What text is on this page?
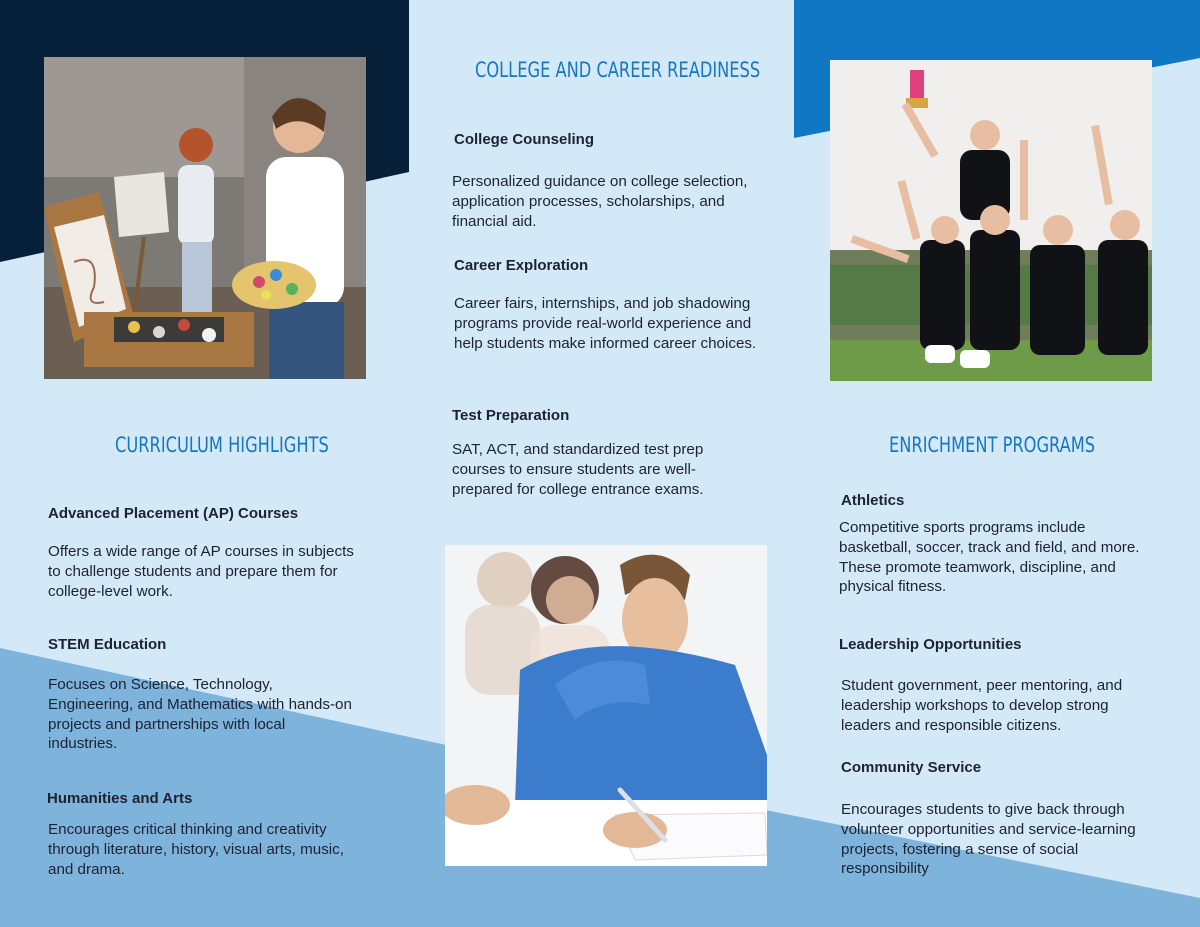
CURRICULUM HIGHLIGHTS
Advanced Placement (AP) Courses

Offers a wide range of AP courses in subjects to challenge students and prepare them for college-level work.

STEM Education

Focuses on Science, Technology, Engineering, and Mathematics with hands-on projects and partnerships with local industries.

Humanities and Arts

Encourages critical thinking and creativity through literature, history, visual arts, music, and drama.

COLLEGE AND CAREER READINESS
College Counseling

Personalized guidance on college selection, application processes, scholarships, and financial aid.

Career Exploration

Career fairs, internships, and job shadowing programs provide real-world experience and help students make informed career choices.

Test Preparation

SAT, ACT, and standardized test prep courses to ensure students are well-prepared for college entrance exams.

ENRICHMENT PROGRAMS
Athletics

Competitive sports programs include basketball, soccer, track and field, and more. These promote teamwork, discipline, and physical fitness.

Leadership Opportunities

Student government, peer mentoring, and leadership workshops to develop strong leaders and responsible citizens.

Community Service

Encourages students to give back through volunteer opportunities and service-learning projects, fostering a sense of social responsibility
